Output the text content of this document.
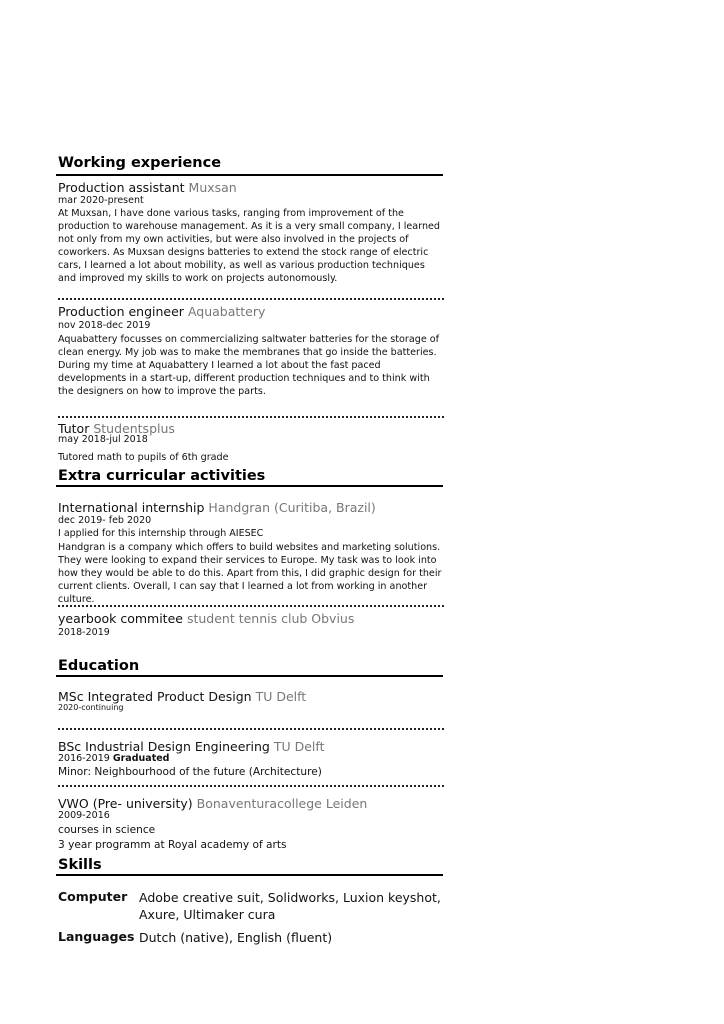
Working experience
Production assistant Muxsan
mar 2020-present
At Muxsan, I have done various tasks, ranging from improvement of the production to warehouse management. As it is a very small company, I learned not only from my own activities, but were also involved in the projects of coworkers. As Muxsan designs batteries to extend the stock range of electric cars, I learned a lot about mobility, as well as various production techniques and improved my skills to work on projects autonomously.
Production engineer Aquabattery
nov 2018-dec 2019
Aquabattery focusses on commercializing saltwater batteries for the storage of clean energy. My job was to make the membranes that go inside the batteries. During my time at Aquabattery I learned a lot about the fast paced developments in a start-up, different production techniques and to think with the designers on how to improve the parts.
Tutor Studentsplus
may 2018-jul 2018
Tutored math to pupils of 6th grade
Extra curricular activities
International internship Handgran (Curitiba, Brazil)
dec 2019- feb 2020
I applied for this internship through AIESEC
Handgran is a company which offers to build websites and marketing solutions. They were looking to expand their services to Europe. My task was to look into how they would be able to do this. Apart from this, I did graphic design for their current clients. Overall, I can say that I learned a lot from working in another culture.
yearbook commitee student tennis club Obvius
2018-2019
Education
MSc Integrated Product Design TU Delft
2020-continuing
BSc Industrial Design Engineering TU Delft
2016-2019 Graduated
Minor: Neighbourhood of the future (Architecture)
VWO (Pre- university) Bonaventuracollege Leiden
2009-2016
courses in science
3 year programm at Royal academy of arts
Skills
Computer Adobe creative suit, Solidworks, Luxion keyshot, Axure, Ultimaker cura
Languages Dutch (native), English (fluent)
